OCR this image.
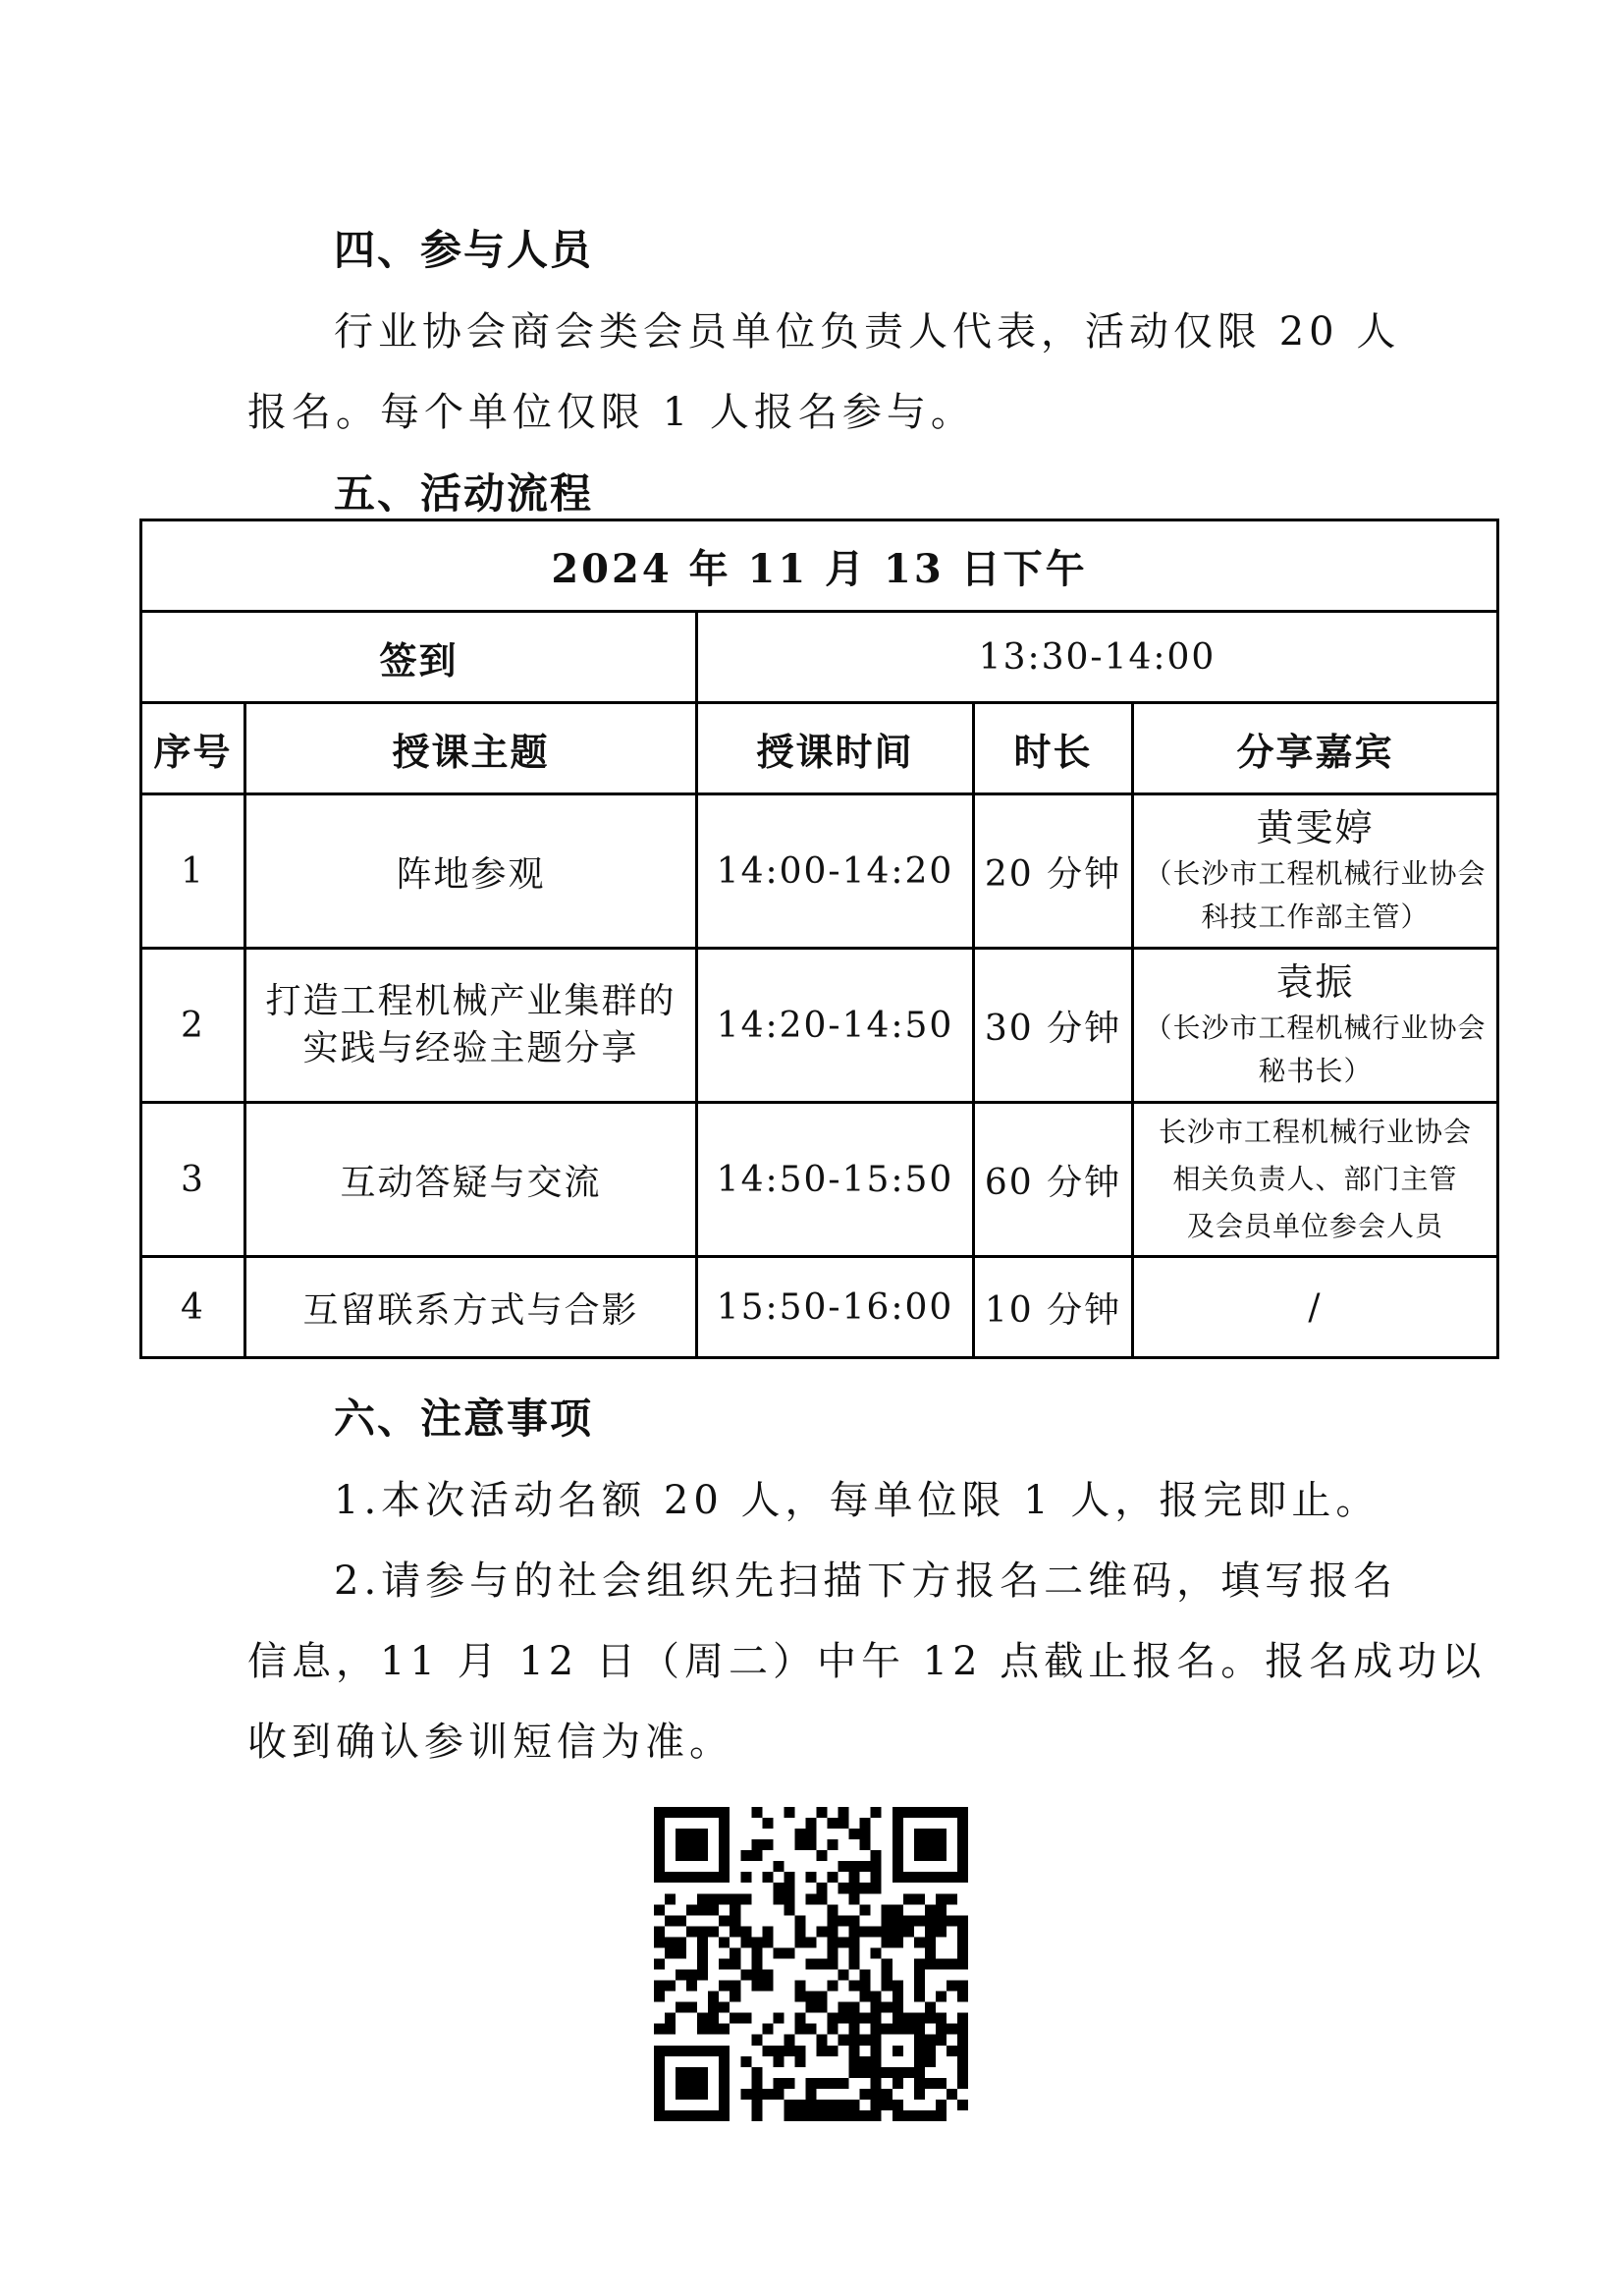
四、参与人员
行业协会商会类会员单位负责人代表，活动仅限 20 人
报名。每个单位仅限 1 人报名参与。
五、活动流程
2024 年 11 月 13 日下午				
签到		13:30-14:00		
序号	授课主题	授课时间	时长	分享嘉宾
1	阵地参观	14:00-14:20	20 分钟	黄雯婷
（长沙市工程机械行业协会
科技工作部主管）

2	打造工程机械产业集群的
实践与经验主题分享	14:20-14:50	30 分钟	袁振
（长沙市工程机械行业协会
秘书长）

3	互动答疑与交流	14:50-15:50	60 分钟	长沙市工程机械行业协会
相关负责人、部门主管
及会员单位参会人员

4	互留联系方式与合影	15:50-16:00	10 分钟	/
六、注意事项
1.本次活动名额 20 人，每单位限 1 人，报完即止。
2.请参与的社会组织先扫描下方报名二维码，填写报名
信息，11 月 12 日（周二）中午 12 点截止报名。报名成功以
收到确认参训短信为准。
